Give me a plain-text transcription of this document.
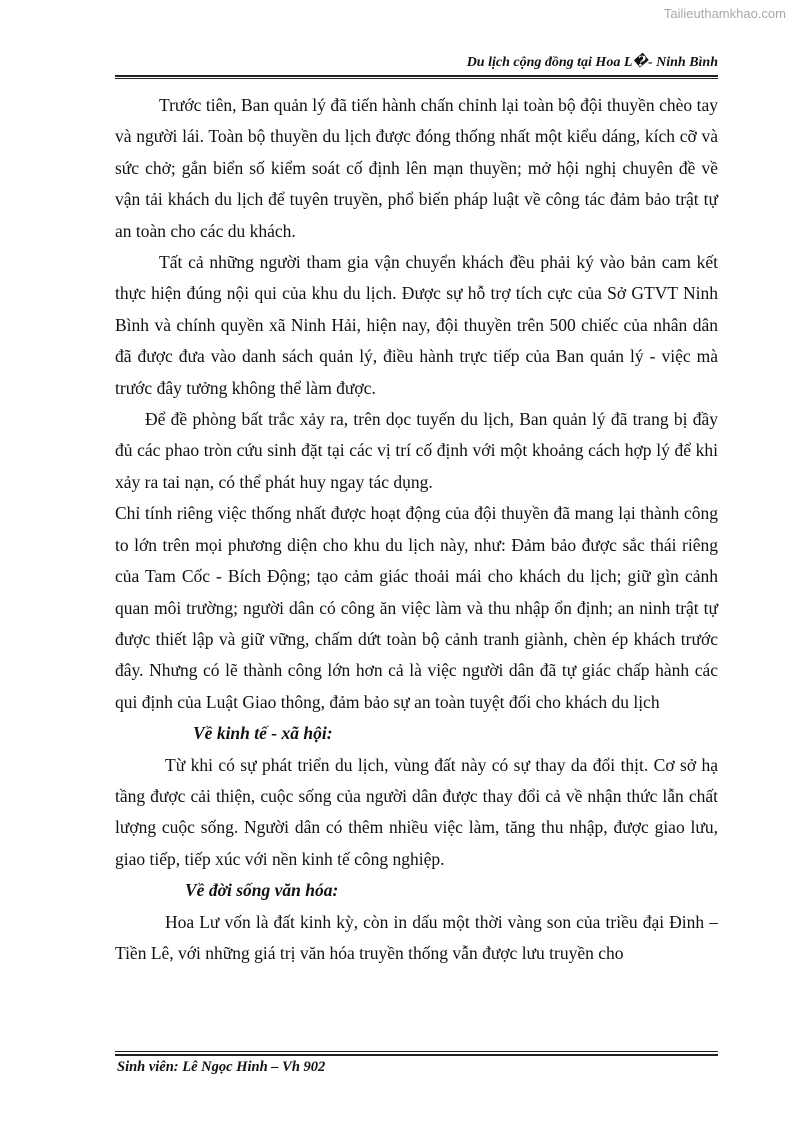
Tailieuthamkhao.com
Du lịch cộng đồng tại Hoa L�- Ninh Bình

Trước tiên, Ban quản lý đã tiến hành chấn chỉnh lại toàn bộ đội thuyền chèo tay và người lái. Toàn bộ thuyền du lịch được đóng thống nhất một kiểu dáng, kích cỡ và sức chở; gắn biển số kiểm soát cố định lên mạn thuyền; mở hội nghị chuyên đề về vận tải khách du lịch để tuyên truyền, phổ biến pháp luật về công tác đảm bảo trật tự an toàn cho các du khách.

Tất cả những người tham gia vận chuyển khách đều phải ký vào bản cam kết thực hiện đúng nội qui của khu du lịch. Được sự hỗ trợ tích cực của Sở GTVT Ninh Bình và chính quyền xã Ninh Hải, hiện nay, đội thuyền trên 500 chiếc của nhân dân đã được đưa vào danh sách quản lý, điều hành trực tiếp của Ban quản lý - việc mà trước đây tưởng không thể làm được.

Để đề phòng bất trắc xảy ra, trên dọc tuyến du lịch, Ban quản lý đã trang bị đầy đủ các phao tròn cứu sinh đặt tại các vị trí cố định với một khoảng cách hợp lý để khi xảy ra tai nạn, có thể phát huy ngay tác dụng.

Chỉ tính riêng việc thống nhất được hoạt động của đội thuyền đã mang lại thành công to lớn trên mọi phương diện cho khu du lịch này, như: Đảm bảo được sắc thái riêng của Tam Cốc - Bích Động; tạo cảm giác thoải mái cho khách du lịch; giữ gìn cảnh quan môi trường; người dân có công ăn việc làm và thu nhập ổn định; an ninh trật tự được thiết lập và giữ vững, chấm dứt toàn bộ cảnh tranh giành, chèn ép khách trước đây. Nhưng có lẽ thành công lớn hơn cả là việc người dân đã tự giác chấp hành các qui định của Luật Giao thông, đảm bảo sự an toàn tuyệt đối cho khách du lịch

Về kinh tế - xã hội:

Từ khi có sự phát triển du lịch, vùng đất này có sự thay da đổi thịt. Cơ sở hạ tầng được cải thiện, cuộc sống của người dân được thay đổi cả về nhận thức lẫn chất lượng cuộc sống. Người dân có thêm nhiều việc làm, tăng thu nhập, được giao lưu, giao tiếp, tiếp xúc với nền kinh tế công nghiệp.

Về đời sống văn hóa:

Hoa Lư vốn là đất kinh kỳ, còn in dấu một thời vàng son của triều đại Đinh – Tiền Lê, với những giá trị văn hóa truyền thống vẫn được lưu truyền cho

Sinh viên: Lê Ngọc Hinh – Vh 902
